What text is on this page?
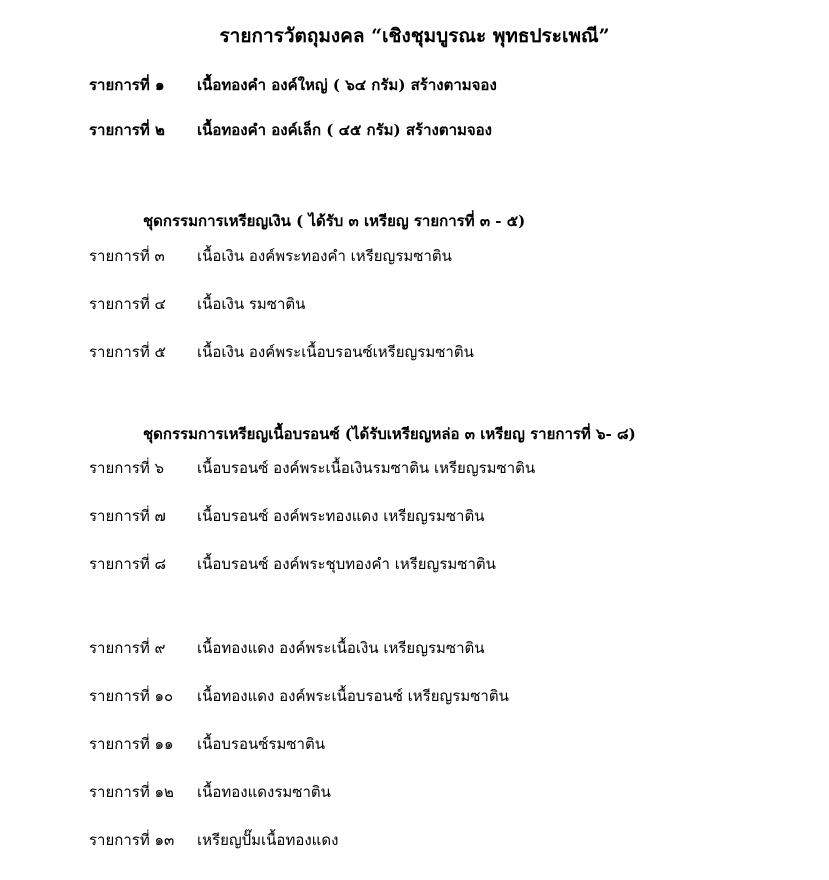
รายการวัตถุมงคล “เชิงชุมบูรณะ พุทธประเพณี”
รายการที่ ๑ เนื้อทองคำ องค์ใหญ่ ( ๖๔ กรัม) สร้างตามจอง
รายการที่ ๒ เนื้อทองคำ องค์เล็ก ( ๔๕ กรัม) สร้างตามจอง
ชุดกรรมการเหรียญเงิน ( ได้รับ ๓ เหรียญ รายการที่ ๓ - ๕)
รายการที่ ๓ เนื้อเงิน องค์พระทองคำ เหรียญรมซาติน
รายการที่ ๔ เนื้อเงิน รมซาติน
รายการที่ ๕ เนื้อเงิน องค์พระเนื้อบรอนซ์เหรียญรมซาติน
ชุดกรรมการเหรียญเนื้อบรอนซ์ (ได้รับเหรียญหล่อ ๓ เหรียญ รายการที่ ๖- ๘)
รายการที่ ๖ เนื้อบรอนซ์ องค์พระเนื้อเงินรมซาติน เหรียญรมซาติน
รายการที่ ๗ เนื้อบรอนซ์ องค์พระทองแดง เหรียญรมซาติน
รายการที่ ๘ เนื้อบรอนซ์ องค์พระชุบทองคำ เหรียญรมซาติน
รายการที่ ๙ เนื้อทองแดง องค์พระเนื้อเงิน เหรียญรมซาติน
รายการที่ ๑๐ เนื้อทองแดง องค์พระเนื้อบรอนซ์ เหรียญรมซาติน
รายการที่ ๑๑ เนื้อบรอนซ์รมซาติน
รายการที่ ๑๒ เนื้อทองแดงรมซาติน
รายการที่ ๑๓ เหรียญปั๊มเนื้อทองแดง
